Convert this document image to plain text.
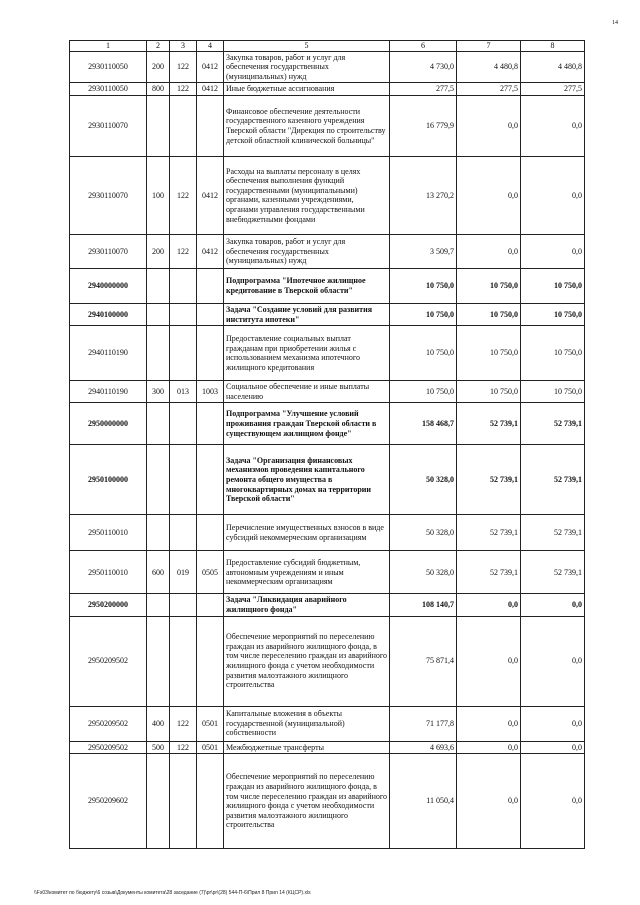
14
1	2	3	4	5	6	7	8
2930110050	200	122	0412	Закупка товаров, работ и услуг для обеспечения государственных (муниципальных) нужд	4 730,0	4 480,8	4 480,8
2930110050	800	122	0412	Иные бюджетные ассигнования	277,5	277,5	277,5
2930110070				Финансовое обеспечение деятельности государственного казенного учреждения Тверской области "Дирекция по строительству детской областной клинической больницы"	16 779,9	0,0	0,0
2930110070	100	122	0412	Расходы на выплаты персоналу в целях обеспечения выполнения функций государственными (муниципальными) органами, казенными учреждениями, органами управления государственными внебюджетными фондами	13 270,2	0,0	0,0
2930110070	200	122	0412	Закупка товаров, работ и услуг для обеспечения государственных (муниципальных) нужд	3 509,7	0,0	0,0
2940000000				Подпрограмма "Ипотечное жилищное кредитование в Тверской области"	10 750,0	10 750,0	10 750,0
2940100000				Задача "Создание условий для развития института ипотеки"	10 750,0	10 750,0	10 750,0
2940110190				Предоставление социальных выплат гражданам при приобретении жилья с использованием механизма ипотечного жилищного кредитования	10 750,0	10 750,0	10 750,0
2940110190	300	013	1003	Социальное обеспечение и иные выплаты населению	10 750,0	10 750,0	10 750,0
2950000000				Подпрограмма "Улучшение условий проживания граждан Тверской области в существующем жилищном фонде"	158 468,7	52 739,1	52 739,1
2950100000				Задача "Организация финансовых механизмов проведения капитального ремонта общего имущества в многоквартирных домах на территории Тверской области"	50 328,0	52 739,1	52 739,1
2950110010				Перечисление имущественных взносов в виде субсидий некоммерческим организациям	50 328,0	52 739,1	52 739,1
2950110010	600	019	0505	Предоставление субсидий бюджетным, автономным учреждениям и иным некоммерческим организациям	50 328,0	52 739,1	52 739,1
2950200000				Задача "Ликвидация аварийного жилищного фонда"	108 140,7	0,0	0,0
2950209502				Обеспечение мероприятий по переселению граждан из аварийного жилищного фонда, в том числе переселению граждан из аварийного жилищного фонда с учетом необходимости развития малоэтажного жилищного строительства	75 871,4	0,0	0,0
2950209502	400	122	0501	Капитальные вложения в объекты государственной (муниципальной) собственности	71 177,8	0,0	0,0
2950209502	500	122	0501	Межбюджетные трансферты	4 693,6	0,0	0,0
2950209602				Обеспечение мероприятий по переселению граждан из аварийного жилищного фонда, в том числе переселению граждан из аварийного жилищного фонда с учетом необходимости развития малоэтажного жилищного строительства	11 050,4	0,0	0,0
\\Fs03\комитет по бюджету\6 созыв\Документы комитета\28 заседание (7)\pr\pr\(28) 544-П-6\Прил 8 Прил 14 (КЦСР).xls
